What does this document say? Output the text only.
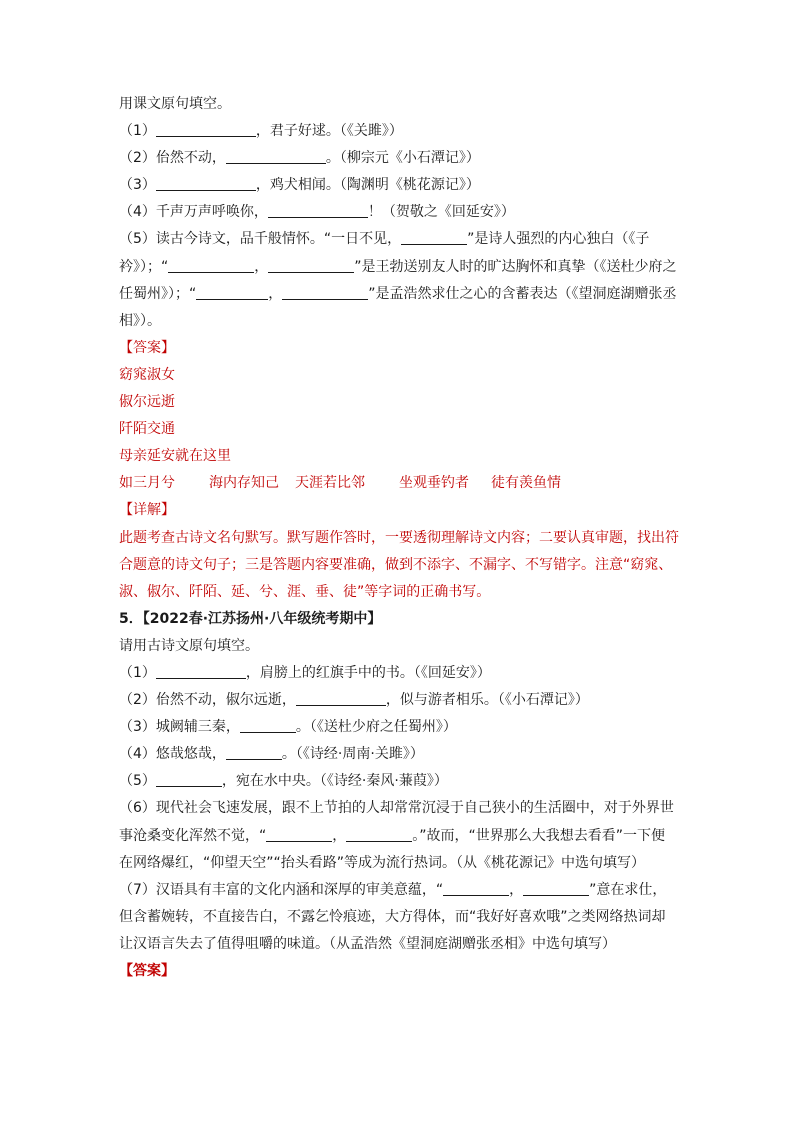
用课文原句填空。
（1）	，君子好逑。（《关雎》）
（2）佁然不动，	。（柳宗元《小石潭记》）
（3）	，鸡犬相闻。（陶渊明《桃花源记》）
（4）千声万声呼唤你，	！（贺敬之《回延安》）
（5）读古今诗文，品千般情怀。“一日不见，	”是诗人强烈的内心独白（《子衿》）；“	，	”是王勃送别友人时的旷达胸怀和真挚（《送杜少府之任蜀州》）；“	，	”是孟浩然求仕之心的含蓄表达（《望洞庭湖赠张丞相》）。
【答案】
窈窕淑女
俶尔远逝
阡陌交通
母亲延安就在这里
如三月兮 海内存知己 天涯若比邻 坐观垂钓者 徒有羡鱼情
【详解】
此题考查古诗文名句默写。默写题作答时，一要透彻理解诗文内容；二要认真审题，找出符合题意的诗文句子；三是答题内容要准确，做到不添字、不漏字、不写错字。注意“窈窕、淑、俶尔、阡陌、延、兮、涯、垂、徒”等字词的正确书写。
5．【2022春·江苏扬州·八年级统考期中】
请用古诗文原句填空。
（1）	，肩膀上的红旗手中的书。（《回延安》）
（2）佁然不动，俶尔远逝，	，似与游者相乐。（《小石潭记》）
（3）城阙辅三秦，	。（《送杜少府之任蜀州》）
（4）悠哉悠哉，	。（《诗经·周南·关雎》）
（5）	，宛在水中央。（《诗经·秦风·蒹葭》）
（6）现代社会飞速发展，跟不上节拍的人却常常沉浸于自己狭小的生活圈中，对于外界世事沧桑变化浑然不觉，“	，	。”故而，“世界那么大我想去看看”一下便在网络爆红，“仰望天空”“抬头看路”等成为流行热词。（从《桃花源记》中选句填写）
（7）汉语具有丰富的文化内涵和深厚的审美意蕴，“	，	”意在求仕，但含蓄婉转，不直接告白，不露乞怜痕迹，大方得体，而“我好好喜欢哦”之类网络热词却让汉语言失去了值得咀嚼的味道。（从孟浩然《望洞庭湖赠张丞相》中选句填写）
【答案】
